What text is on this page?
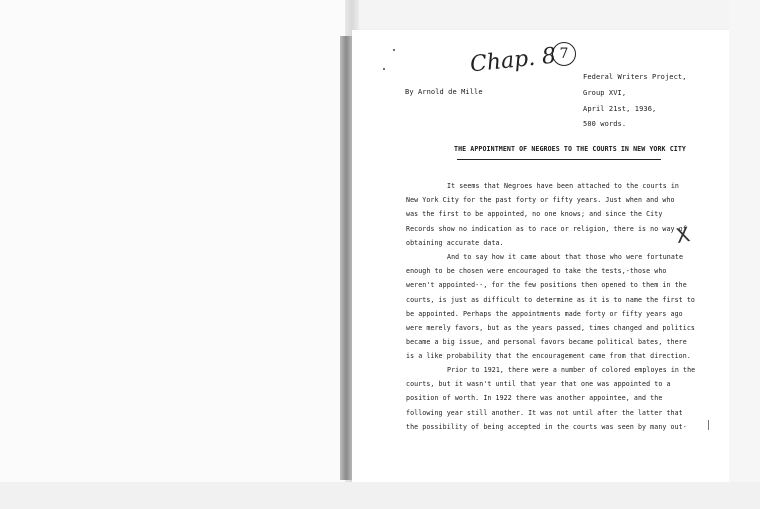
Chap. 8 7
By Arnold de Mille
Federal Writers Project,
Group XVI,
April 21st, 1936,
500 words.
THE APPOINTMENT OF NEGROES TO THE COURTS IN NEW YORK CITY
It seems that Negroes have been attached to the courts in
New York City for the past forty or fifty years. Just when and who
was the first to be appointed, no one knows; and since the City
Records show no indication as to race or religion, there is no way of
obtaining accurate data.
And to say how it came about that those who were fortunate
enough to be chosen were encouraged to take the tests,-those who
weren't appointed--, for the few positions then opened to them in the
courts, is just as difficult to determine as it is to name the first to
be appointed. Perhaps the appointments made forty or fifty years ago
were merely favors, but as the years passed, times changed and politics
became a big issue, and personal favors became political bates, there
is a like probability that the encouragement came from that direction.
Prior to 1921, there were a number of colored employes in the
courts, but it wasn't until that year that one was appointed to a
position of worth. In 1922 there was another appointee, and the
following year still another. It was not until after the latter that
the possibility of being accepted in the courts was seen by many out-
X
